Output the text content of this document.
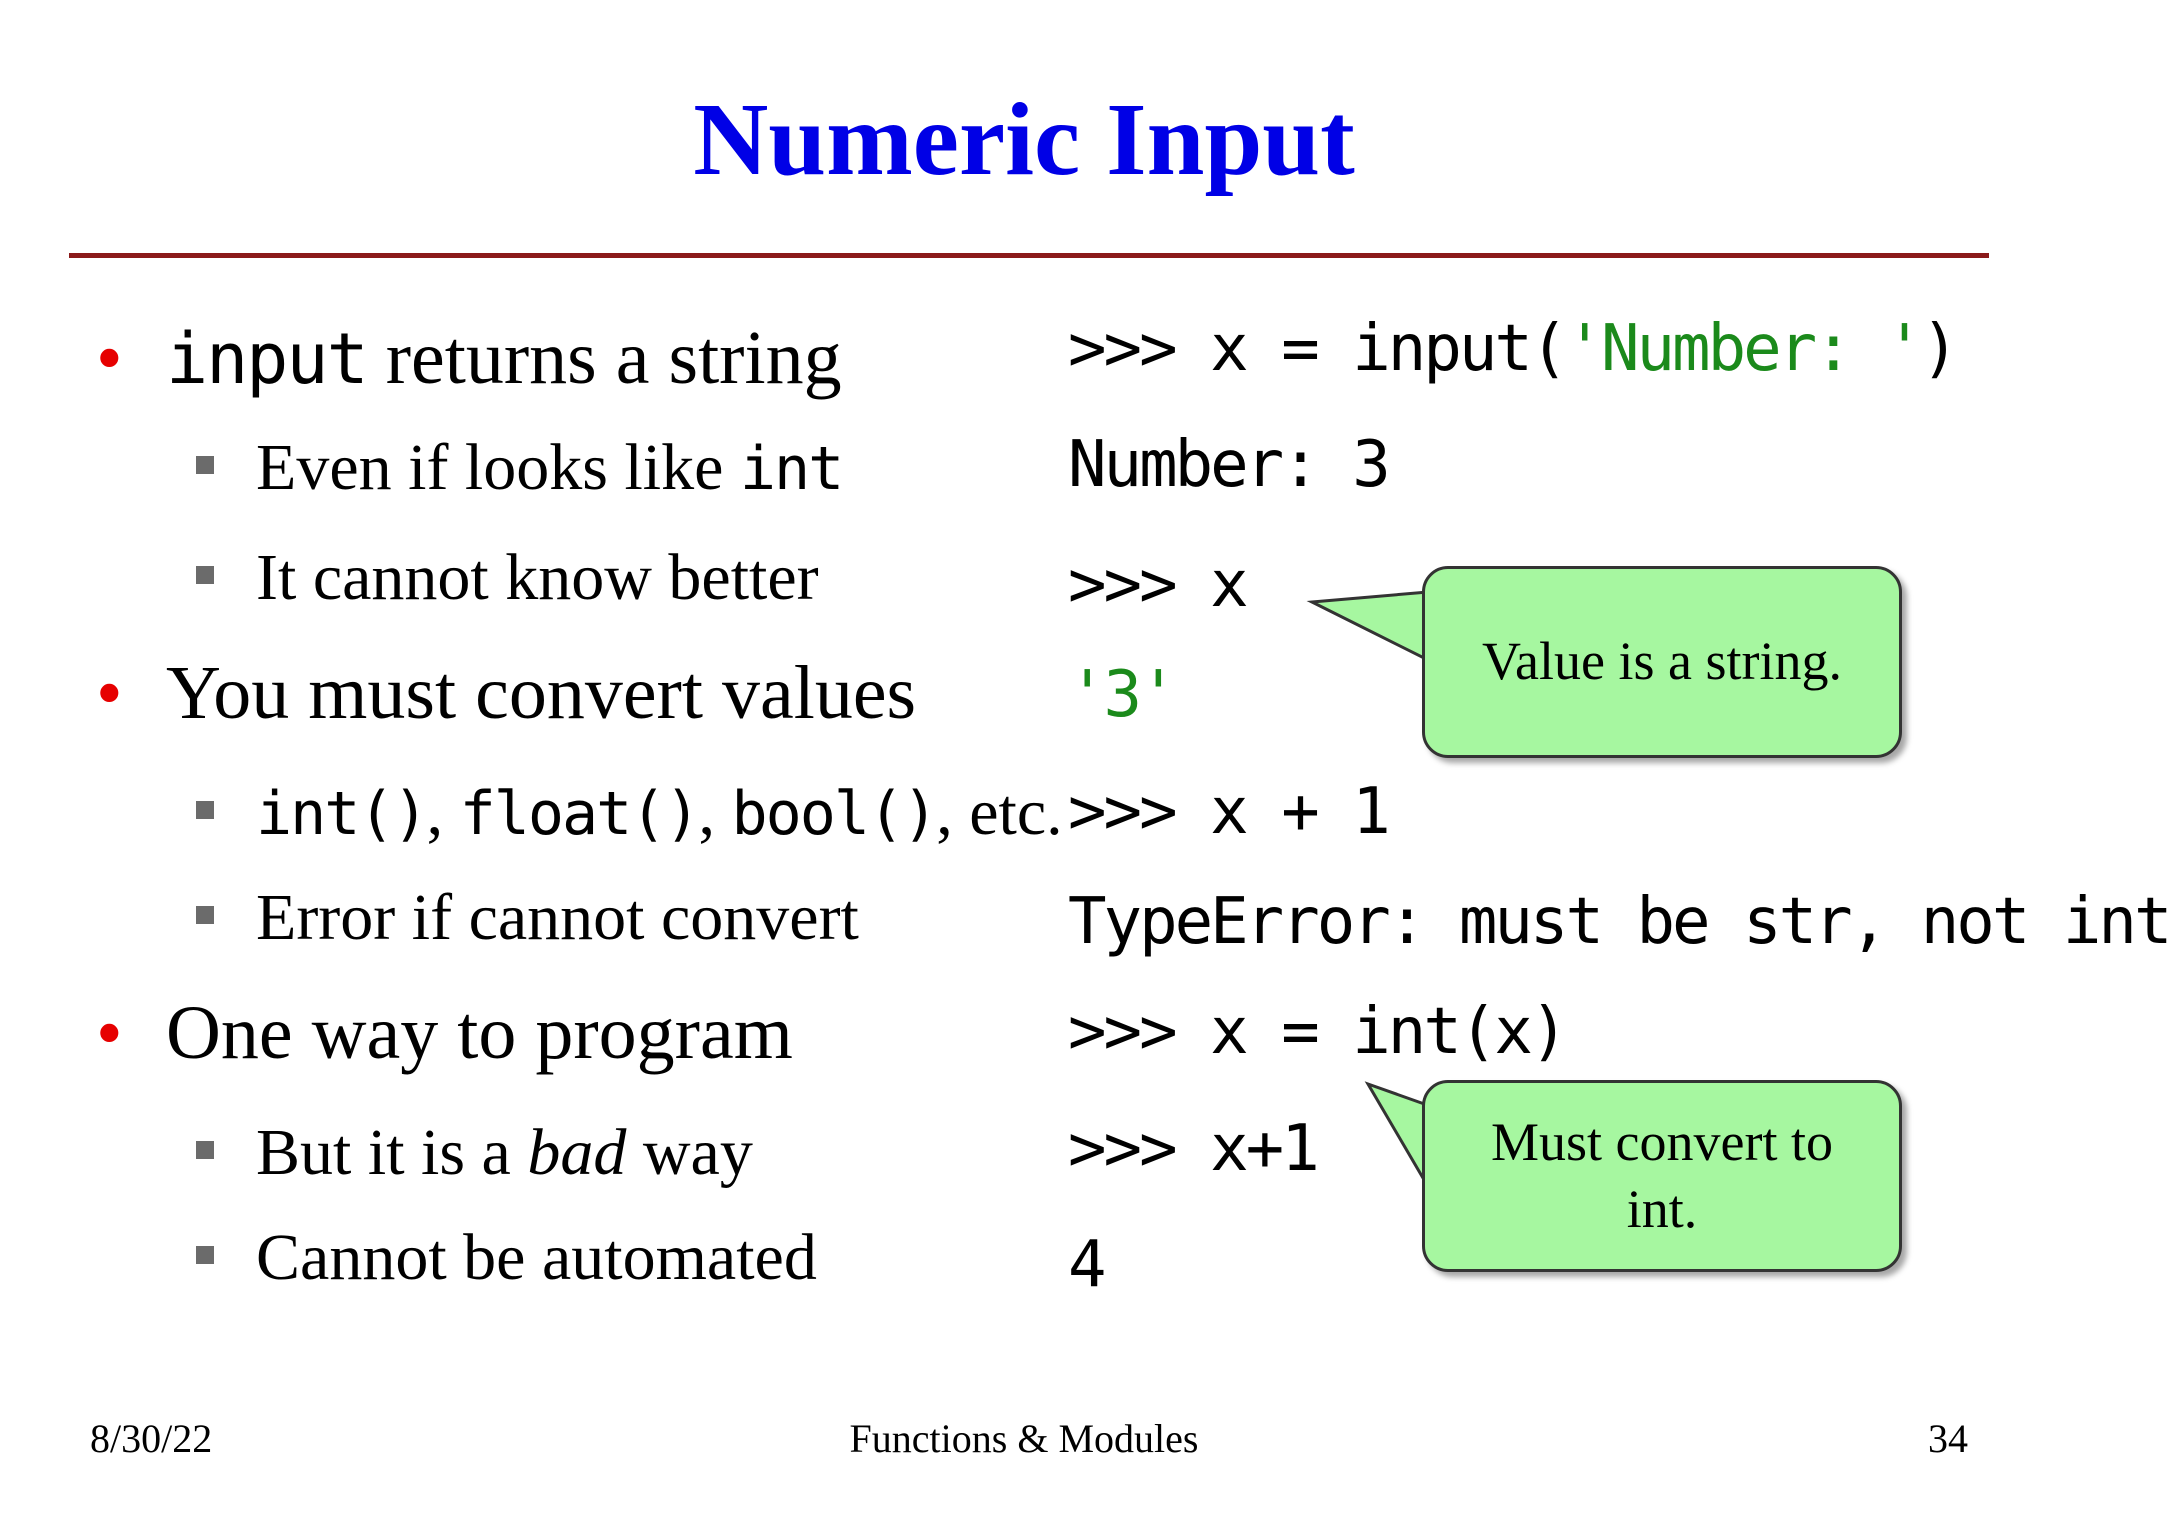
Numeric Input
• input returns a string
Even if looks like int
It cannot know better
• You must convert values
int(), float(), bool(), etc.
Error if cannot convert
• One way to program
But it is a bad way
Cannot be automated
>>> x = input('Number: ')
Number: 3
>>> x
'3'
>>> x + 1
TypeError: must be str, not int
>>> x = int(x)
>>> x+1
4
Value is a string.
Must convert to int.
8/30/22	Functions & Modules	34
